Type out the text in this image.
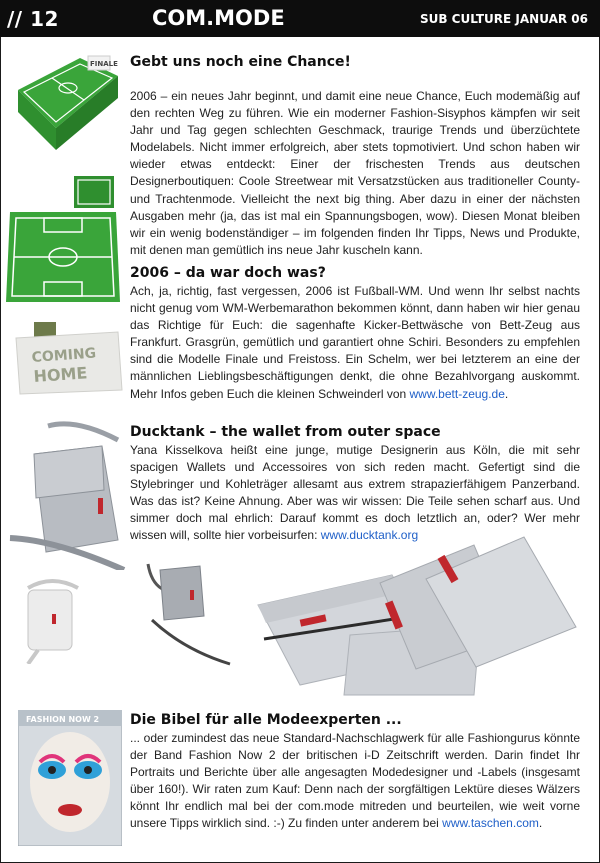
// 12	COM.MODE	SUB CULTURE JANUAR 06
FINALE
COMING
HOME
FASHION NOW 2
Gebt uns noch eine Chance!

2006 – ein neues Jahr beginnt, und damit eine neue Chance, Euch modemäßig auf den rechten Weg zu führen. Wie ein moderner Fashion-Sisyphos kämpfen wir seit Jahr und Tag gegen schlechten Geschmack, traurige Trends und überzüchtete Modelabels. Nicht immer erfolgreich, aber stets topmotiviert. Und schon haben wir wieder etwas entdeckt: Einer der frischesten Trends aus deutschen Designerboutiquen: Coole Streetwear mit Versatzstücken aus traditioneller County- und Trachtenmode. Vielleicht the next big thing. Aber dazu in einer der nächsten Ausgaben mehr (ja, das ist mal ein Spannungsbogen, wow). Diesen Monat bleiben wir ein wenig bodenständiger – im folgenden finden Ihr Tipps, News und Produkte, mit denen man gemütlich ins neue Jahr kuscheln kann.

2006 – da war doch was?

Ach, ja, richtig, fast vergessen, 2006 ist Fußball-WM. Und wenn Ihr selbst nachts nicht genug vom WM-Werbemarathon bekommen könnt, dann haben wir hier genau das Richtige für Euch: die sagenhafte Kicker-Bettwäsche von Bett-Zeug aus Frankfurt. Grasgrün, gemütlich und garantiert ohne Schiri. Besonders zu empfehlen sind die Modelle Finale und Freistoss. Ein Schelm, wer bei letzterem an eine der männlichen Lieblingsbeschäftigungen denkt, die ohne Bezahlvorgang auskommt. Mehr Infos geben Euch die kleinen Schweinderl von www.bett-zeug.de.

Ducktank – the wallet from outer space

Yana Kisselkova heißt eine junge, mutige Designerin aus Köln, die mit sehr spacigen Wallets und Accessoires von sich reden macht. Gefertigt sind die Stylebringer und Kohleträger allesamt aus extrem strapazierfähigem Panzerband. Was das ist? Keine Ahnung. Aber was wir wissen: Die Teile sehen scharf aus. Und simmer doch mal ehrlich: Darauf kommt es doch letztlich an, oder? Wer mehr wissen will, sollte hier vorbeisurfen: www.ducktank.org

Die Bibel für alle Modeexperten ...

... oder zumindest das neue Standard-Nachschlagwerk für alle Fashiongurus könnte der Band Fashion Now 2 der britischen i-D Zeitschrift werden. Darin findet Ihr Portraits und Berichte über alle angesagten Modedesigner und -Labels (insgesamt über 160!). Wir raten zum Kauf: Denn nach der sorgfältigen Lektüre dieses Wälzers könnt Ihr endlich mal bei der com.mode mitreden und beurteilen, wie weit vorne unsere Tipps wirklich sind. :-) Zu finden unter anderem bei www.taschen.com.
